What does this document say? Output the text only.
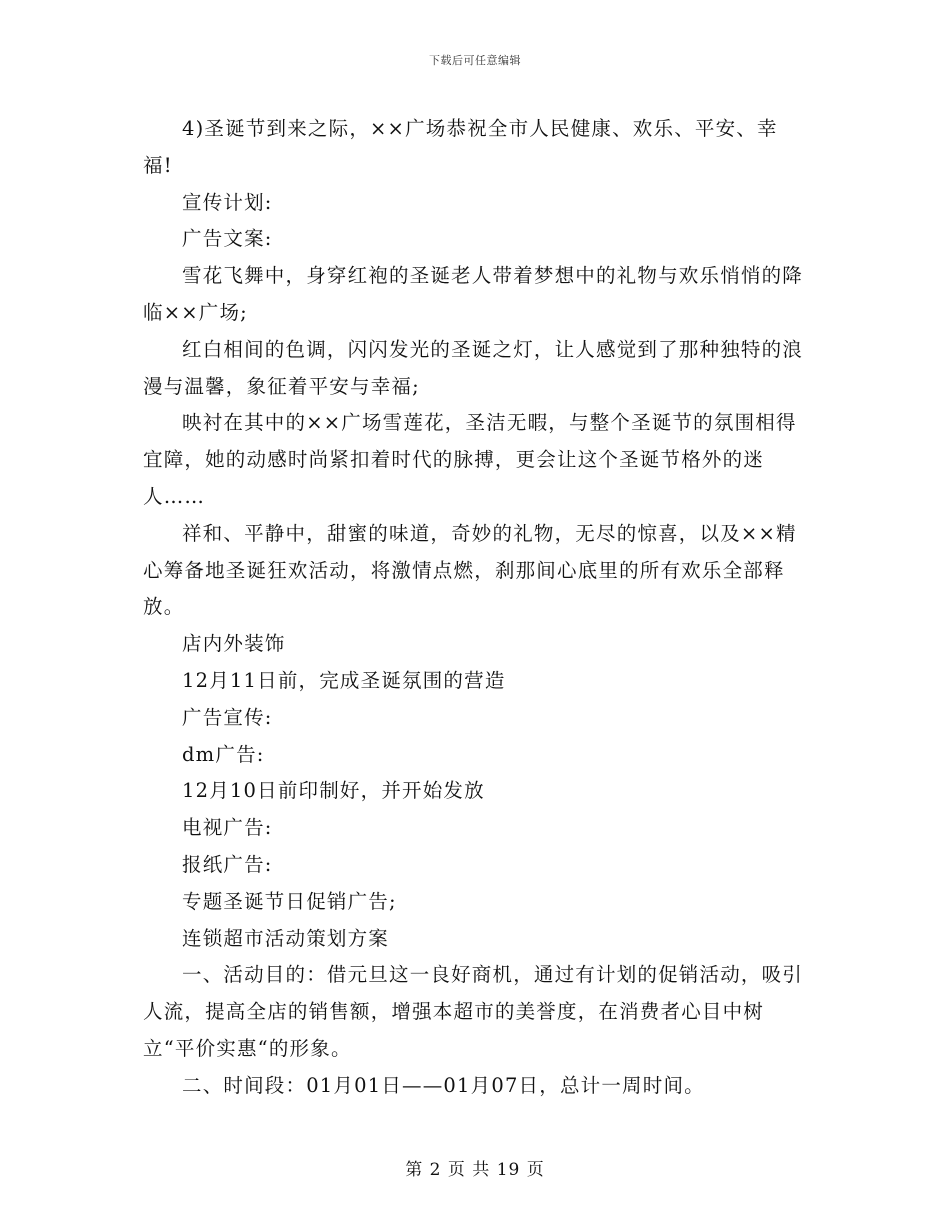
下载后可任意编辑

4)圣诞节到来之际，××广场恭祝全市人民健康、欢乐、平安、幸福!

宣传计划:

广告文案:

雪花飞舞中，身穿红袍的圣诞老人带着梦想中的礼物与欢乐悄悄的降临××广场;

红白相间的色调，闪闪发光的圣诞之灯，让人感觉到了那种独特的浪漫与温馨，象征着平安与幸福;

映衬在其中的××广场雪莲花，圣洁无暇，与整个圣诞节的氛围相得宜障，她的动感时尚紧扣着时代的脉搏，更会让这个圣诞节格外的迷人……

祥和、平静中，甜蜜的味道，奇妙的礼物，无尽的惊喜，以及××精心筹备地圣诞狂欢活动，将激情点燃，刹那间心底里的所有欢乐全部释放。

店内外装饰

12月11日前，完成圣诞氛围的营造

广告宣传:

dm广告:

12月10日前印制好，并开始发放

电视广告:

报纸广告:

专题圣诞节日促销广告;

连锁超市活动策划方案

一、活动目的：借元旦这一良好商机，通过有计划的促销活动，吸引人流，提高全店的销售额，增强本超市的美誉度，在消费者心目中树立“平价实惠“的形象。

二、时间段：01月01日——01月07日，总计一周时间。

第 2 页 共 19 页
